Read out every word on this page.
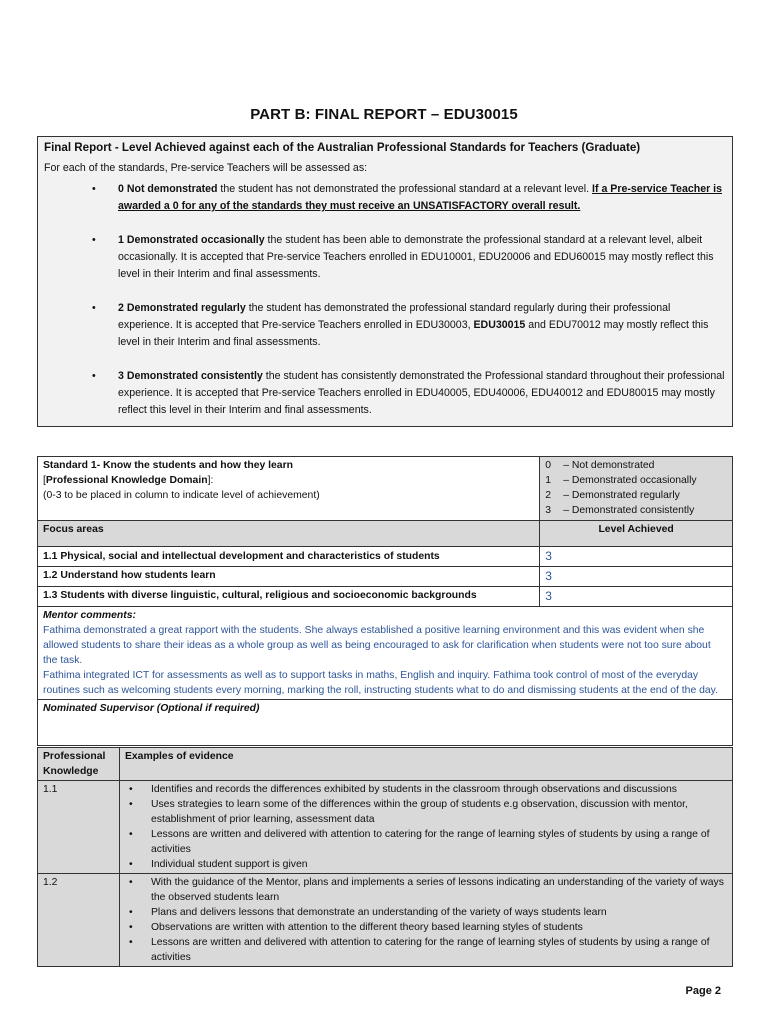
PART B: FINAL REPORT – EDU30015
Final Report - Level Achieved against each of the Australian Professional Standards for Teachers (Graduate)
For each of the standards, Pre-service Teachers will be assessed as:
• 0 Not demonstrated the student has not demonstrated the professional standard at a relevant level. If a Pre-service Teacher is awarded a 0 for any of the standards they must receive an UNSATISFACTORY overall result.
• 1 Demonstrated occasionally the student has been able to demonstrate the professional standard at a relevant level, albeit occasionally. It is accepted that Pre-service Teachers enrolled in EDU10001, EDU20006 and EDU60015 may mostly reflect this level in their Interim and final assessments.
• 2 Demonstrated regularly the student has demonstrated the professional standard regularly during their professional experience. It is accepted that Pre-service Teachers enrolled in EDU30003, EDU30015 and EDU70012 may mostly reflect this level in their Interim and final assessments.
• 3 Demonstrated consistently the student has consistently demonstrated the Professional standard throughout their professional experience. It is accepted that Pre-service Teachers enrolled in EDU40005, EDU40006, EDU40012 and EDU80015 may mostly reflect this level in their Interim and final assessments.
Standard 1- Know the students and how they learn
[Professional Knowledge Domain]:
(0-3 to be placed in column to indicate level of achievement)

0	– Not demonstrated
1	– Demonstrated occasionally
2	– Demonstrated regularly
3	– Demonstrated consistently

Focus areas	Level Achieved
1.1 Physical, social and intellectual development and characteristics of students	3
1.2 Understand how students learn	3
1.3 Students with diverse linguistic, cultural, religious and socioeconomic backgrounds	3

Mentor comments:
Fathima demonstrated a great rapport with the students. She always established a positive learning environment and this was evident when she allowed students to share their ideas as a whole group as well as being encouraged to ask for clarification when students were not too sure about the task.
Fathima integrated ICT for assessments as well as to support tasks in maths, English and inquiry. Fathima took control of most of the everyday routines such as welcoming students every morning, marking the roll, instructing students what to do and dismissing students at the end of the day.	

Nominated Supervisor (Optional if required)	
Professional Knowledge	Examples of evidence
1.1	• Identifies and records the differences exhibited by students in the classroom through observations and discussions
• Uses strategies to learn some of the differences within the group of students e.g observation, discussion with mentor, establishment of prior learning, assessment data
• Lessons are written and delivered with attention to catering for the range of learning styles of students by using a range of activities
• Individual student support is given

1.2	• With the guidance of the Mentor, plans and implements a series of lessons indicating an understanding of the variety of ways the observed students learn
• Plans and delivers lessons that demonstrate an understanding of the variety of ways students learn
• Observations are written with attention to the different theory based learning styles of students
• Lessons are written and delivered with attention to catering for the range of learning styles of students by using a range of activities
Page 2
